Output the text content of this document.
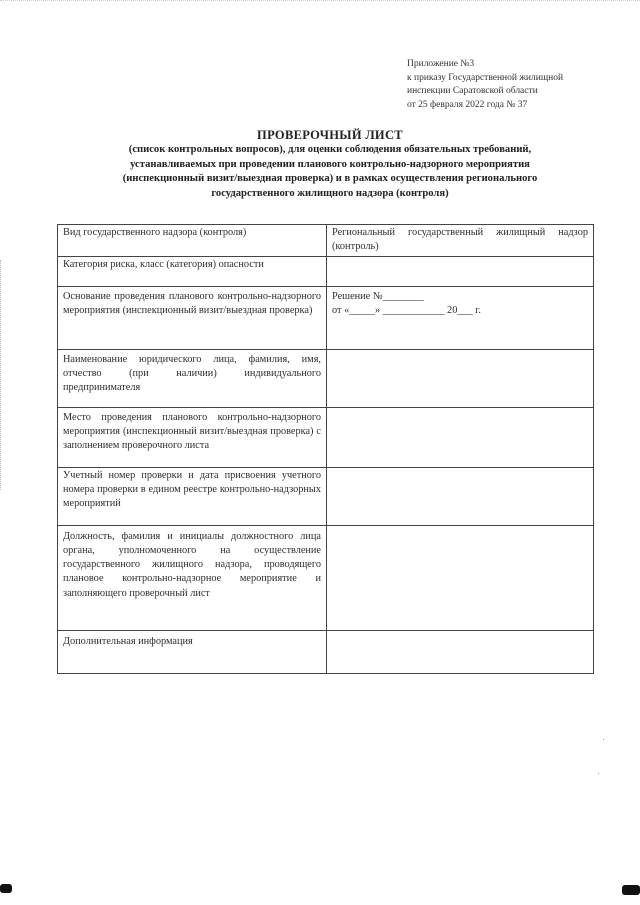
Приложение №3
к приказу Государственной жилищной
инспекции Саратовской области
от 25 февраля 2022 года № 37
ПРОВЕРОЧНЫЙ ЛИСТ
(список контрольных вопросов), для оценки соблюдения обязательных требований,
устанавливаемых при проведении планового контрольно-надзорного мероприятия
(инспекционный визит/выездная проверка) и в рамках осуществления регионального
государственного жилищного надзора (контроля)
Вид государственного надзора (контроля)	Региональный государственный жилищный надзор (контроль)
Категория риска, класс (категория) опасности	
Основание проведения планового контрольно-надзорного мероприятия (инспекционный визит/выездная проверка)	Решение №________
от «_____» ____________ 20___ г.

Наименование юридического лица, фамилия, имя, отчество (при наличии) индивидуального предпринимателя	
Место проведения планового контрольно-надзорного мероприятия (инспекционный визит/выездная проверка) с заполнением проверочного листа	
Учетный номер проверки и дата присвоения учетного номера проверки в едином реестре контрольно-надзорных мероприятий	
Должность, фамилия и инициалы должностного лица органа, уполномоченного на осуществление государственного жилищного надзора, проводящего плановое контрольно-надзорное мероприятие и заполняющего проверочный лист	
Дополнительная информация	
